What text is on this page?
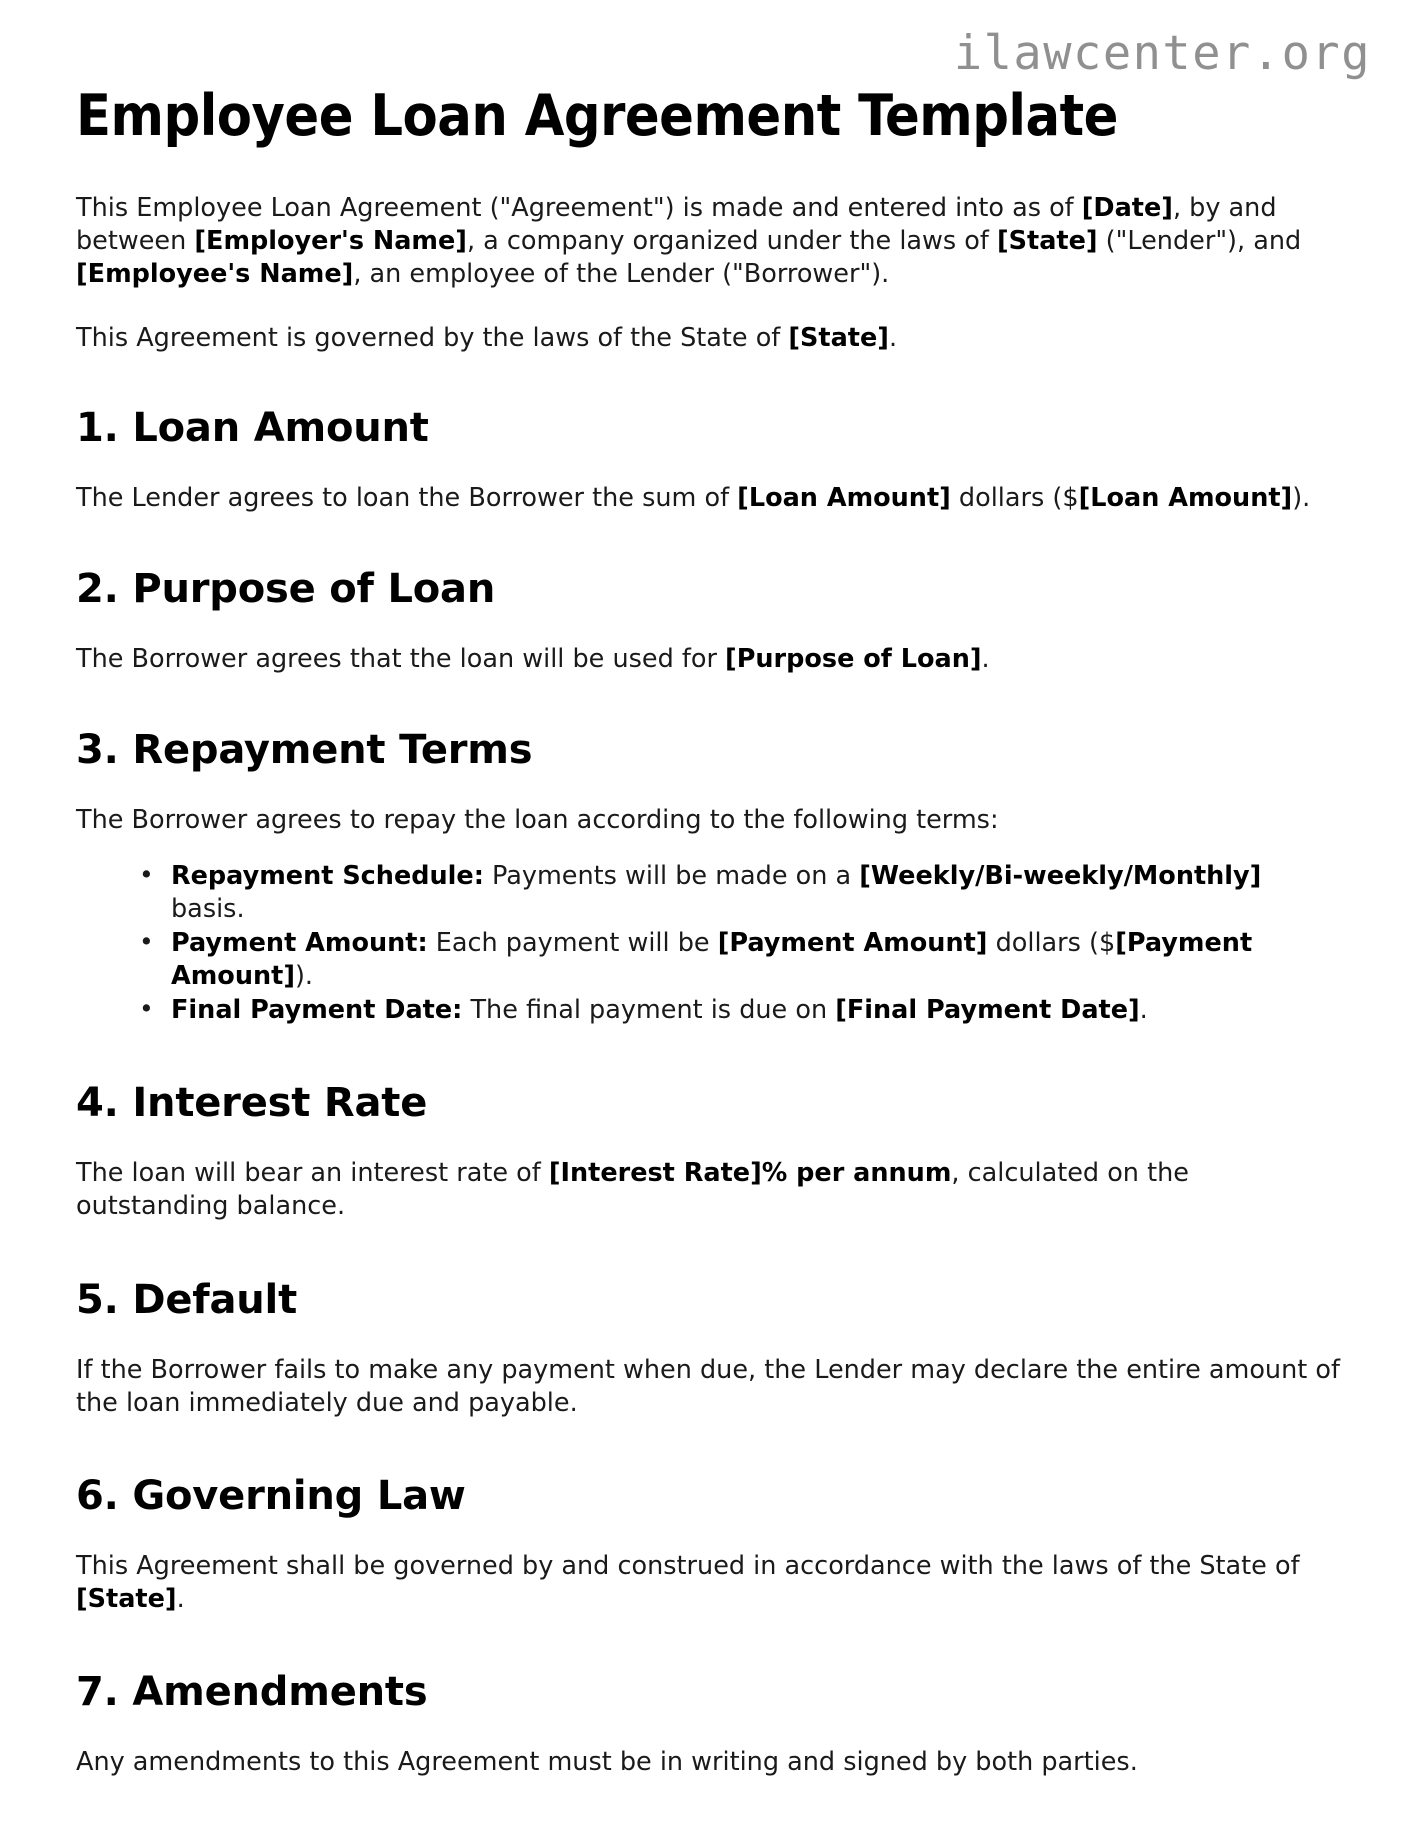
ilawcenter.org
Employee Loan Agreement Template

This Employee Loan Agreement ("Agreement") is made and entered into as of [Date], by and between [Employer's Name], a company organized under the laws of [State] ("Lender"), and [Employee's Name], an employee of the Lender ("Borrower").

This Agreement is governed by the laws of the State of [State].

1. Loan Amount

The Lender agrees to loan the Borrower the sum of [Loan Amount] dollars ($[Loan Amount]).

2. Purpose of Loan

The Borrower agrees that the loan will be used for [Purpose of Loan].

3. Repayment Terms

The Borrower agrees to repay the loan according to the following terms:

• Repayment Schedule: Payments will be made on a [Weekly/Bi-weekly/Monthly] basis.
• Payment Amount: Each payment will be [Payment Amount] dollars ($[Payment Amount]).
• Final Payment Date: The final payment is due on [Final Payment Date].
4. Interest Rate

The loan will bear an interest rate of [Interest Rate]% per annum, calculated on the outstanding balance.

5. Default

If the Borrower fails to make any payment when due, the Lender may declare the entire amount of the loan immediately due and payable.

6. Governing Law

This Agreement shall be governed by and construed in accordance with the laws of the State of [State].

7. Amendments

Any amendments to this Agreement must be in writing and signed by both parties.
